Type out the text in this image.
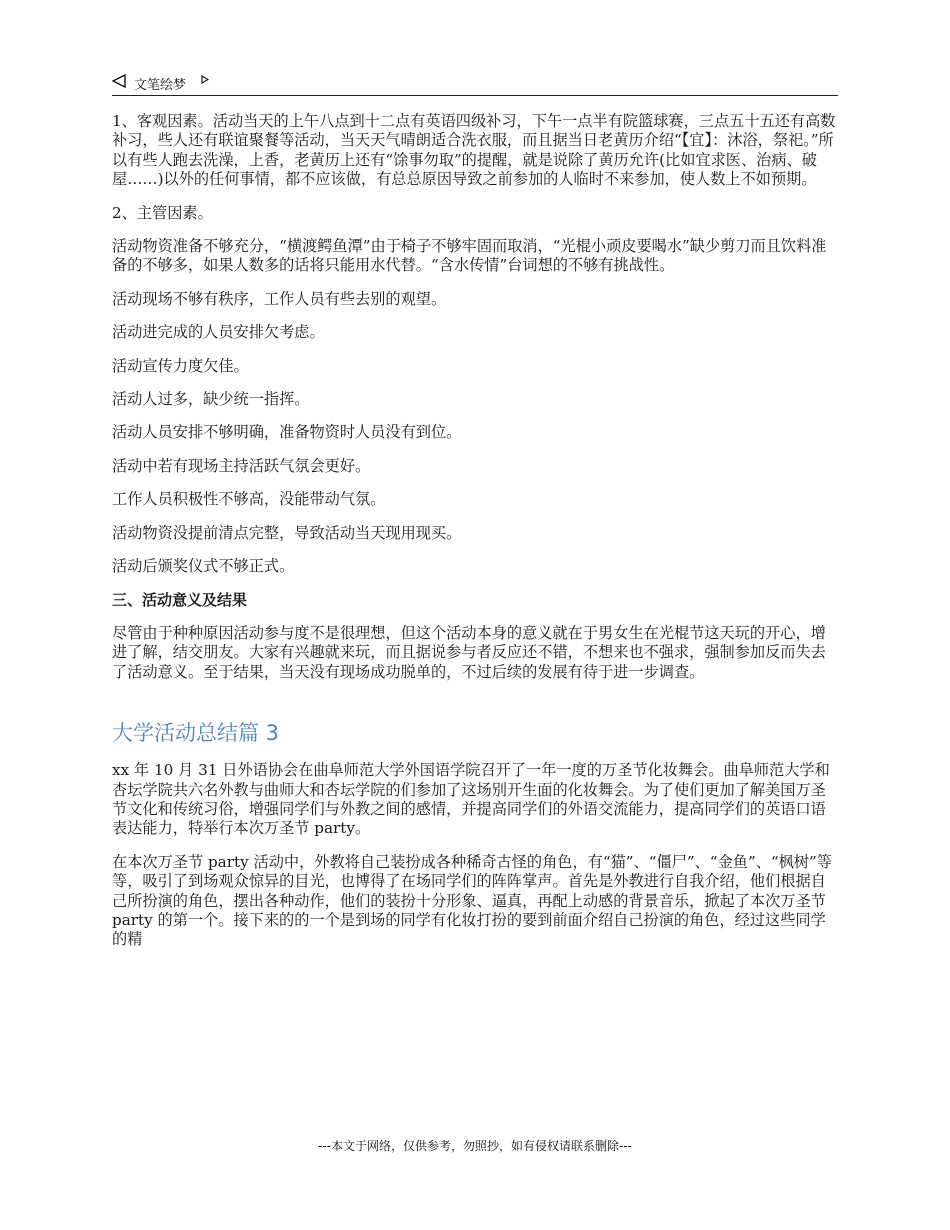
文笔绘梦

1、客观因素。活动当天的上午八点到十二点有英语四级补习，下午一点半有院篮球赛，三点五十五还有高数补习，些人还有联谊聚餐等活动，当天天气晴朗适合洗衣服，而且据当日老黄历介绍“【宜】：沐浴，祭祀。”所以有些人跑去洗澡，上香，老黄历上还有“馀事勿取”的提醒，就是说除了黄历允许(比如宜求医、治病、破屋……)以外的任何事情，都不应该做，有总总原因导致之前参加的人临时不来参加，使人数上不如预期。

2、主管因素。

活动物资准备不够充分，“横渡鳄鱼潭”由于椅子不够牢固而取消，“光棍小顽皮要喝水”缺少剪刀而且饮料准备的不够多，如果人数多的话将只能用水代替。“含水传情”台词想的不够有挑战性。

活动现场不够有秩序，工作人员有些去别的观望。

活动进完成的人员安排欠考虑。

活动宣传力度欠佳。

活动人过多，缺少统一指挥。

活动人员安排不够明确，准备物资时人员没有到位。

活动中若有现场主持活跃气氛会更好。

工作人员积极性不够高，没能带动气氛。

活动物资没提前清点完整，导致活动当天现用现买。

活动后颁奖仪式不够正式。

三、活动意义及结果

尽管由于种种原因活动参与度不是很理想，但这个活动本身的意义就在于男女生在光棍节这天玩的开心，增进了解，结交朋友。大家有兴趣就来玩，而且据说参与者反应还不错，不想来也不强求，强制参加反而失去了活动意义。至于结果，当天没有现场成功脱单的，不过后续的发展有待于进一步调查。

大学活动总结篇 3

xx 年 10 月 31 日外语协会在曲阜师范大学外国语学院召开了一年一度的万圣节化妆舞会。曲阜师范大学和杏坛学院共六名外教与曲师大和杏坛学院的们参加了这场别开生面的化妆舞会。为了使们更加了解美国万圣节文化和传统习俗，增强同学们与外教之间的感情，并提高同学们的外语交流能力，提高同学们的英语口语表达能力，特举行本次万圣节 party。

在本次万圣节 party 活动中，外教将自己装扮成各种稀奇古怪的角色，有“猫”、“僵尸”、“金鱼”、“枫树”等等，吸引了到场观众惊异的目光，也博得了在场同学们的阵阵掌声。首先是外教进行自我介绍，他们根据自己所扮演的角色，摆出各种动作，他们的装扮十分形象、逼真，再配上动感的背景音乐，掀起了本次万圣节 party 的第一个。接下来的的一个是到场的同学有化妆打扮的要到前面介绍自己扮演的角色，经过这些同学的精

---本文于网络，仅供参考，勿照抄，如有侵权请联系删除---
